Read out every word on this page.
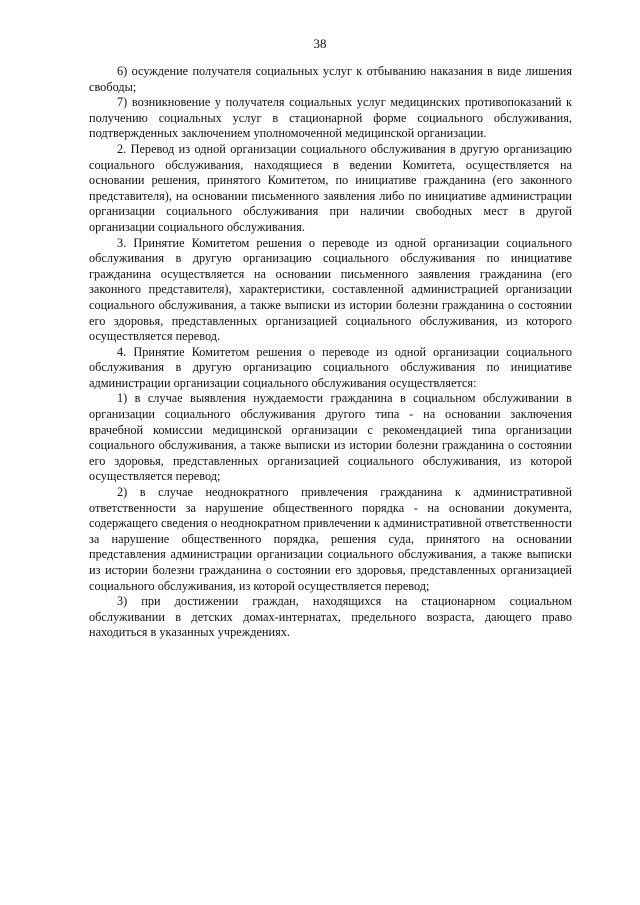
38

6) осуждение получателя социальных услуг к отбыванию наказания в виде лишения свободы;

7) возникновение у получателя социальных услуг медицинских противопоказаний к получению социальных услуг в стационарной форме социального обслуживания, подтвержденных заключением уполномоченной медицинской организации.

2. Перевод из одной организации социального обслуживания в другую организацию социального обслуживания, находящиеся в ведении Комитета, осуществляется на основании решения, принятого Комитетом, по инициативе гражданина (его законного представителя), на основании письменного заявления либо по инициативе администрации организации социального обслуживания при наличии свободных мест в другой организации социального обслуживания.

3. Принятие Комитетом решения о переводе из одной организации социального обслуживания в другую организацию социального обслуживания по инициативе гражданина осуществляется на основании письменного заявления гражданина (его законного представителя), характеристики, составленной администрацией организации социального обслуживания, а также выписки из истории болезни гражданина о состоянии его здоровья, представленных организацией социального обслуживания, из которого осуществляется перевод.

4. Принятие Комитетом решения о переводе из одной организации социального обслуживания в другую организацию социального обслуживания по инициативе администрации организации социального обслуживания осуществляется:

1) в случае выявления нуждаемости гражданина в социальном обслуживании в организации социального обслуживания другого типа - на основании заключения врачебной комиссии медицинской организации с рекомендацией типа организации социального обслуживания, а также выписки из истории болезни гражданина о состоянии его здоровья, представленных организацией социального обслуживания, из которой осуществляется перевод;

2) в случае неоднократного привлечения гражданина к административной ответственности за нарушение общественного порядка - на основании документа, содержащего сведения о неоднократном привлечении к административной ответственности за нарушение общественного порядка, решения суда, принятого на основании представления администрации организации социального обслуживания, а также выписки из истории болезни гражданина о состоянии его здоровья, представленных организацией социального обслуживания, из которой осуществляется перевод;

3) при достижении граждан, находящихся на стационарном социальном обслуживании в детских домах-интернатах, предельного возраста, дающего право находиться в указанных учреждениях.
